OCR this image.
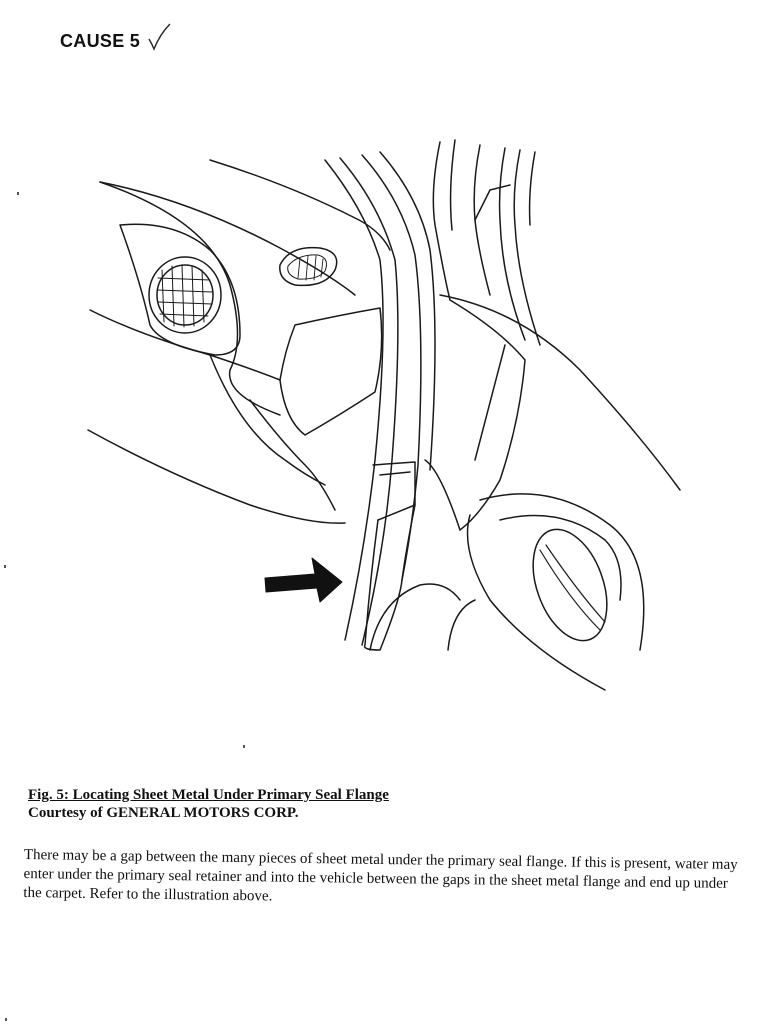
CAUSE 5
Fig. 5: Locating Sheet Metal Under Primary Seal Flange
Courtesy of GENERAL MOTORS CORP.
There may be a gap between the many pieces of sheet metal under the primary seal flange. If this is present, water may enter under the primary seal retainer and into the vehicle between the gaps in the sheet metal flange and end up under the carpet. Refer to the illustration above.
